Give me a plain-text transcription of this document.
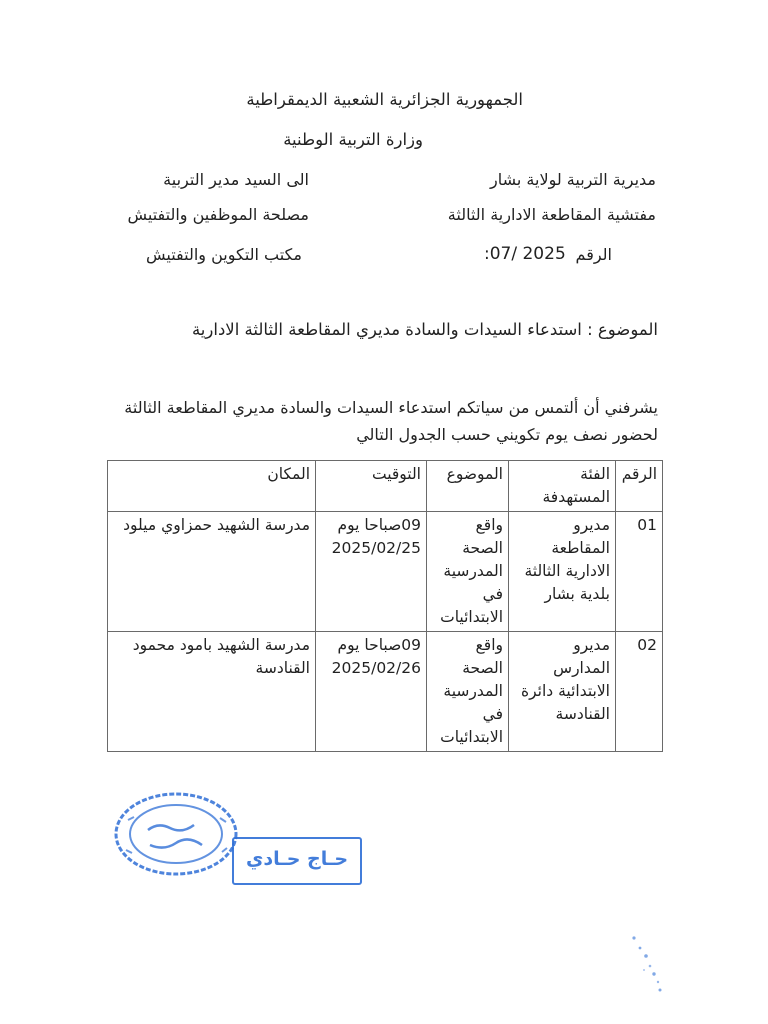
الجمهورية الجزائرية الشعبية الديمقراطية
وزارة التربية الوطنية
مديرية التربية لولاية بشار
مفتشية المقاطعة الادارية الثالثة
الرقم
:07/ 2025
الى السيد مدير التربية
مصلحة الموظفين والتفتيش
مكتب التكوين والتفتيش
الموضوع : استدعاء السيدات والسادة مديري المقاطعة الثالثة الادارية
يشرفني أن ألتمس من سياتكم استدعاء السيدات والسادة مديري المقاطعة الثالثة
لحضور نصف يوم تكويني حسب الجدول التالي
الرقم	الفئة المستهدفة	الموضوع	التوقيت	المكان
01	مديرو المقاطعة الادارية الثالثة بلدية بشار	واقع الصحة المدرسية في الابتدائيات	09صباحا يوم 2025/02/25	مدرسة الشهيد حمزاوي ميلود
02	مديرو المدارس الابتدائية دائرة القنادسة	واقع الصحة المدرسية في الابتدائيات	09صباحا يوم 2025/02/26	مدرسة الشهيد بامود محمود القنادسة
حـاج حـادي
